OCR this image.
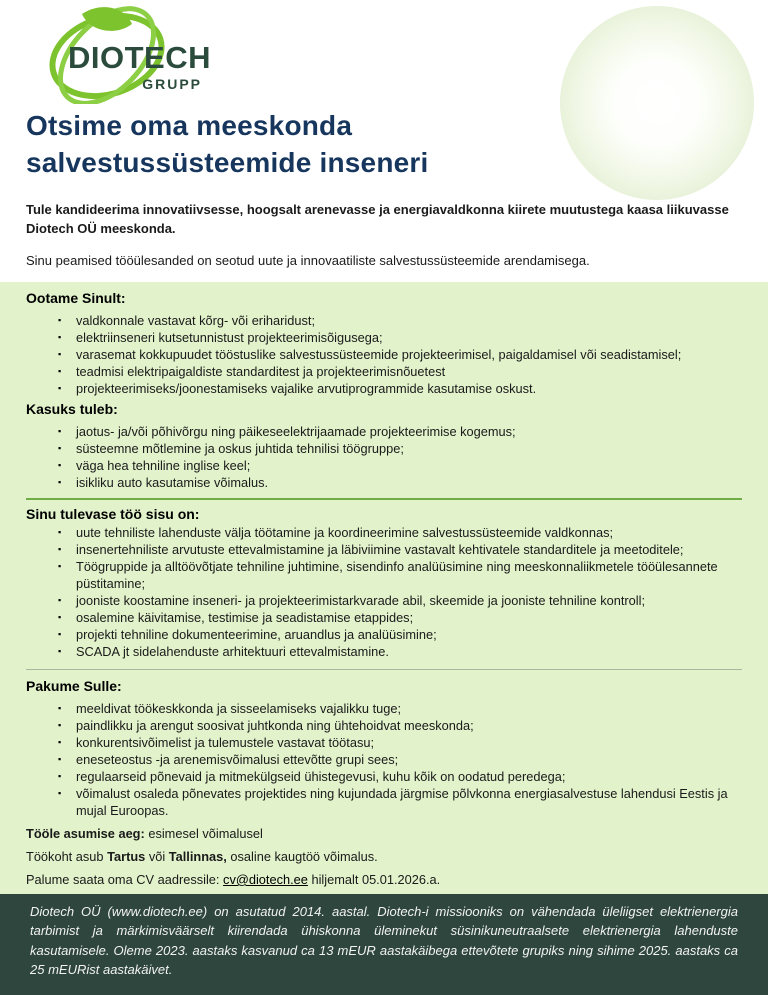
DIOTECH
GRUPP
Otsime oma meeskonda
salvestussüsteemide inseneri

Tule kandideerima innovatiivsesse, hoogsalt arenevasse ja energiavaldkonna kiirete muutustega kaasa liikuvasse Diotech OÜ meeskonda.

Sinu peamised tööülesanded on seotud uute ja innovaatiliste salvestussüsteemide arendamisega.

Ootame Sinult:
▪ valdkonnale vastavat kõrg- või eriharidust;
▪ elektriinseneri kutsetunnistust projekteerimisõigusega;
▪ varasemat kokkupuudet tööstuslike salvestussüsteemide projekteerimisel, paigaldamisel või seadistamisel;
▪ teadmisi elektripaigaldiste standarditest ja projekteerimisnõuetest
▪ projekteerimiseks/joonestamiseks vajalike arvutiprogrammide kasutamise oskust.
Kasuks tuleb:
▪ jaotus- ja/või põhivõrgu ning päikeseelektrijaamade projekteerimise kogemus;
▪ süsteemne mõtlemine ja oskus juhtida tehnilisi töögruppe;
▪ väga hea tehniline inglise keel;
▪ isikliku auto kasutamise võimalus.
Sinu tulevase töö sisu on:
▪ uute tehniliste lahenduste välja töötamine ja koordineerimine salvestussüsteemide valdkonnas;
▪ insenertehniliste arvutuste ettevalmistamine ja läbiviimine vastavalt kehtivatele standarditele ja meetoditele;
▪ Töögruppide ja alltöövõtjate tehniline juhtimine, sisendinfo analüüsimine ning meeskonnaliikmetele tööülesannete püstitamine;
▪ jooniste koostamine inseneri- ja projekteerimistarkvarade abil, skeemide ja jooniste tehniline kontroll;
▪ osalemine käivitamise, testimise ja seadistamise etappides;
▪ projekti tehniline dokumenteerimine, aruandlus ja analüüsimine;
▪ SCADA jt sidelahenduste arhitektuuri ettevalmistamine.
Pakume Sulle:
▪ meeldivat töökeskkonda ja sisseelamiseks vajalikku tuge;
▪ paindlikku ja arengut soosivat juhtkonda ning ühtehoidvat meeskonda;
▪ konkurentsivõimelist ja tulemustele vastavat töötasu;
▪ eneseteostus -ja arenemisvõimalusi ettevõtte grupi sees;
▪ regulaarseid põnevaid ja mitmekülgseid ühistegevusi, kuhu kõik on oodatud peredega;
▪ võimalust osaleda põnevates projektides ning kujundada järgmise põlvkonna energiasalvestuse lahendusi Eestis ja mujal Euroopas.

Tööle asumise aeg: esimesel võimalusel

Töökoht asub Tartus või Tallinnas, osaline kaugtöö võimalus.

Palume saata oma CV aadressile: cv@diotech.ee hiljemalt 05.01.2026.a.

Diotech OÜ (www.diotech.ee) on asutatud 2014. aastal. Diotech-i missiooniks on vähendada üleliigset elektrienergia tarbimist ja märkimisväärselt kiirendada ühiskonna üleminekut süsinikuneutraalsete elektrienergia lahenduste kasutamisele. Oleme 2023. aastaks kasvanud ca 13 mEUR aastakäibega ettevõtete grupiks ning sihime 2025. aastaks ca 25 mEURist aastakäivet.
